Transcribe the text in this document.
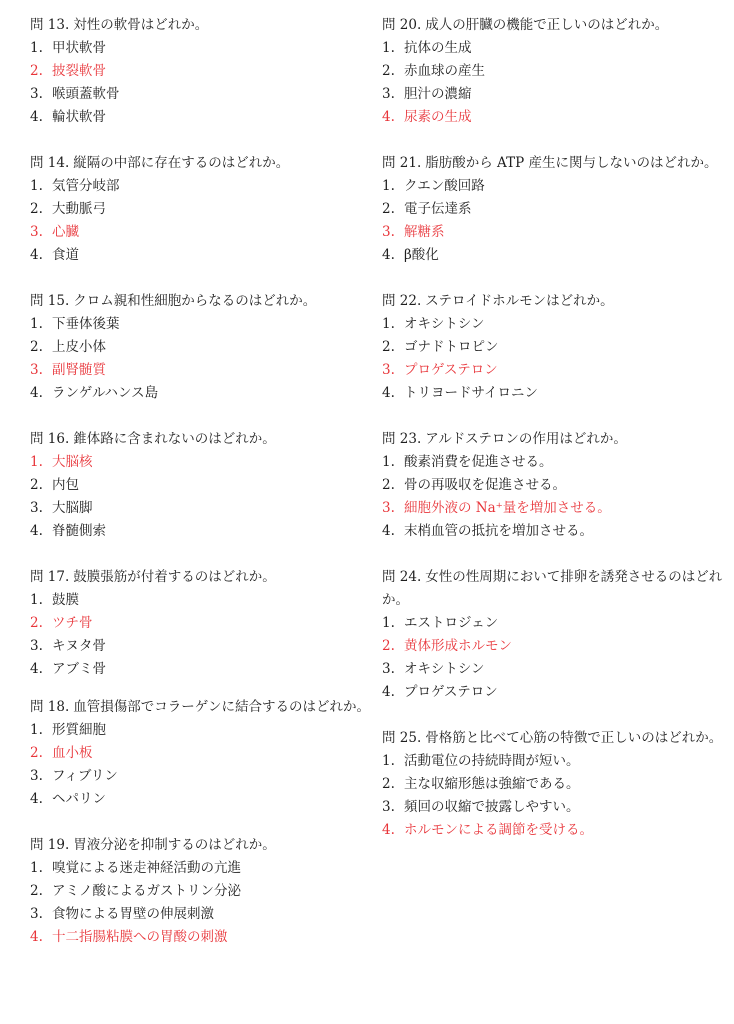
問 13. 対性の軟骨はどれか。
1. 甲状軟骨
2. 披裂軟骨
3. 喉頭蓋軟骨
4. 輪状軟骨
問 14. 縦隔の中部に存在するのはどれか。
1. 気管分岐部
2. 大動脈弓
3. 心臓
4. 食道
問 15. クロム親和性細胞からなるのはどれか。
1. 下垂体後葉
2. 上皮小体
3. 副腎髄質
4. ランゲルハンス島
問 16. 錐体路に含まれないのはどれか。
1. 大脳核
2. 内包
3. 大脳脚
4. 脊髄側索
問 17. 鼓膜張筋が付着するのはどれか。
1. 鼓膜
2. ツチ骨
3. キヌタ骨
4. アブミ骨
問 18. 血管損傷部でコラーゲンに結合するのはどれか。
1. 形質細胞
2. 血小板
3. フィブリン
4. ヘパリン
問 19. 胃液分泌を抑制するのはどれか。
1. 嗅覚による迷走神経活動の亢進
2. アミノ酸によるガストリン分泌
3. 食物による胃壁の伸展刺激
4. 十二指腸粘膜への胃酸の刺激
問 20. 成人の肝臓の機能で正しいのはどれか。
1. 抗体の生成
2. 赤血球の産生
3. 胆汁の濃縮
4. 尿素の生成
問 21. 脂肪酸から ATP 産生に関与しないのはどれか。
1. クエン酸回路
2. 電子伝達系
3. 解糖系
4. β酸化
問 22. ステロイドホルモンはどれか。
1. オキシトシン
2. ゴナドトロピン
3. プロゲステロン
4. トリヨードサイロニン
問 23. アルドステロンの作用はどれか。
1. 酸素消費を促進させる。
2. 骨の再吸収を促進させる。
3. 細胞外液の Na⁺量を増加させる。
4. 末梢血管の抵抗を増加させる。
問 24. 女性の性周期において排卵を誘発させるのはどれか。
1. エストロジェン
2. 黄体形成ホルモン
3. オキシトシン
4. プロゲステロン
問 25. 骨格筋と比べて心筋の特徴で正しいのはどれか。
1. 活動電位の持続時間が短い。
2. 主な収縮形態は強縮である。
3. 頻回の収縮で披露しやすい。
4. ホルモンによる調節を受ける。
